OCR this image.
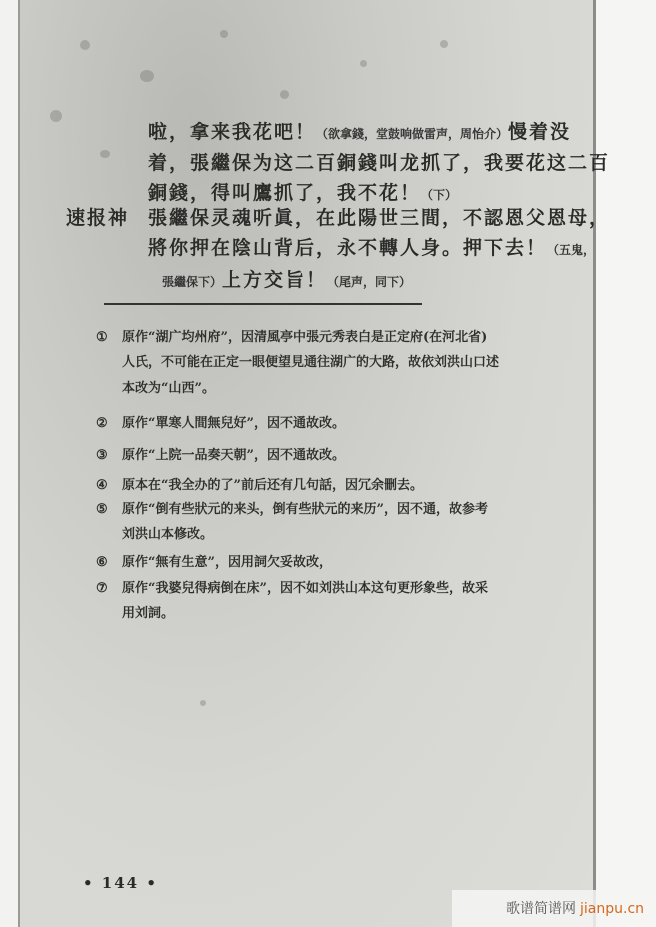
啦，拿来我花吧！（欲拿錢，堂鼓响做雷声，周怡介）慢着没
着，張繼保为这二百銅錢叫龙抓了，我要花这二百
銅錢，得叫鷹抓了，我不花！（下）
速报神 張繼保灵魂听眞，在此陽世三間，不認恩父恩母，
將你押在陰山背后，永不轉人身。押下去！（五鬼，
張繼保下）上方交旨！（尾声，同下）
① 原作“湖广均州府”，因清風亭中張元秀表白是正定府(在河北省)
人氏，不可能在正定一眼便望見通往湖广的大路，故依刘洪山口述
本改为“山西”。
② 原作“單寒人間無兒好”，因不通故改。
③ 原作“上院一品奏天朝”，因不通故改。
④ 原本在“我全办的了”前后还有几句話，因冗余刪去。
⑤ 原作“倒有些狀元的来头，倒有些狀元的来历”，因不通，故参考
刘洪山本修改。
⑥ 原作“無有生意”，因用詞欠妥故改，
⑦ 原作“我婆兒得病倒在床”，因不如刘洪山本这句更形象些，故采
用刘詞。
• 144 •
歌谱简谱网 jianpu.cn
